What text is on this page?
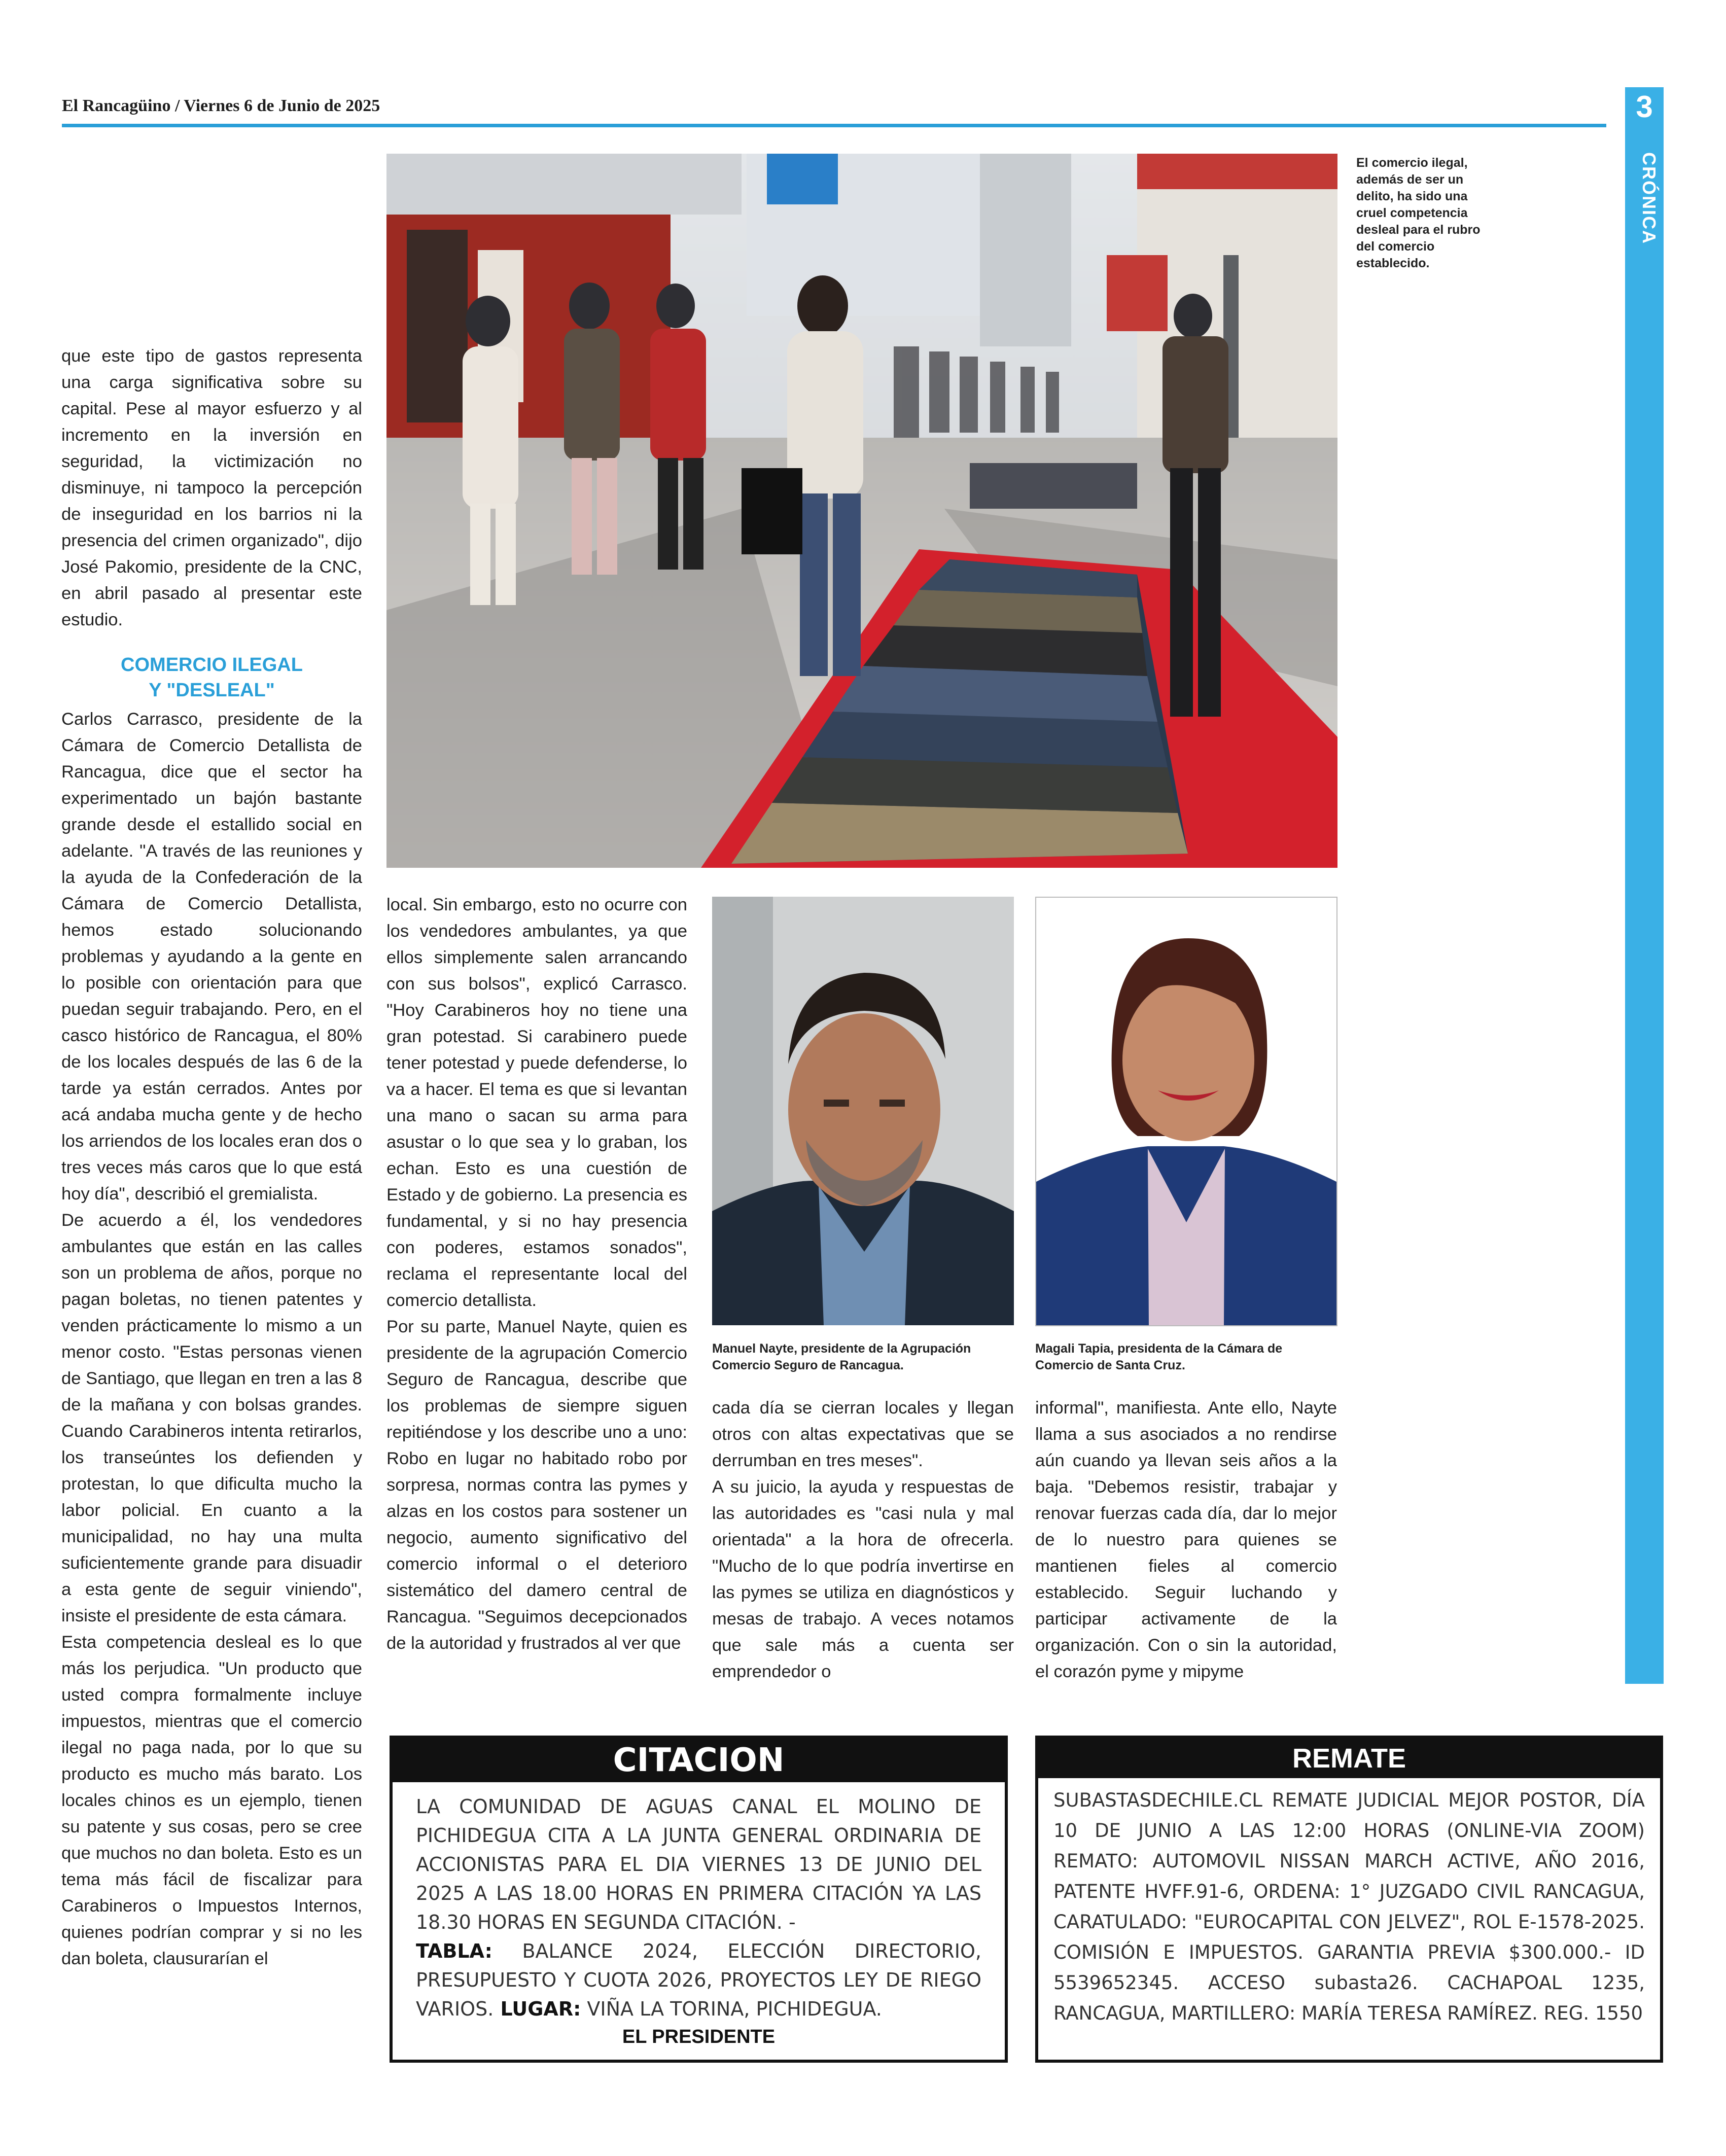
El Rancagüino / Viernes 6 de Junio de 2025	3
CRÓNICA
El comercio ilegal, además de ser un delito, ha sido una cruel competencia desleal para el rubro del comercio establecido.

que este tipo de gastos representa una carga significativa sobre su capital. Pese al mayor esfuerzo y al incremento en la inversión en seguridad, la victimización no disminuye, ni tampoco la percepción de inseguridad en los barrios ni la presencia del crimen organizado", dijo José Pakomio, presidente de la CNC, en abril pasado al presentar este estudio.

COMERCIO ILEGAL
Y "DESLEAL"

Carlos Carrasco, presidente de la Cámara de Comercio Detallista de Rancagua, dice que el sector ha experimentado un bajón bastante grande desde el estallido social en adelante. "A través de las reuniones y la ayuda de la Confederación de la Cámara de Comercio Detallista, hemos estado solucionando problemas y ayudando a la gente en lo posible con orientación para que puedan seguir trabajando. Pero, en el casco histórico de Rancagua, el 80% de los locales después de las 6 de la tarde ya están cerrados. Antes por acá andaba mucha gente y de hecho los arriendos de los locales eran dos o tres veces más caros que lo que está hoy día", describió el gremialista.

De acuerdo a él, los vendedores ambulantes que están en las calles son un problema de años, porque no pagan boletas, no tienen patentes y venden prácticamente lo mismo a un menor costo. "Estas personas vienen de Santiago, que llegan en tren a las 8 de la mañana y con bolsas grandes. Cuando Carabineros intenta retirarlos, los transeúntes los defienden y protestan, lo que dificulta mucho la labor policial. En cuanto a la municipalidad, no hay una multa suficientemente grande para disuadir a esta gente de seguir viniendo", insiste el presidente de esta cámara.

Esta competencia desleal es lo que más los perjudica. "Un producto que usted compra formalmente incluye impuestos, mientras que el comercio ilegal no paga nada, por lo que su producto es mucho más barato. Los locales chinos es un ejemplo, tienen su patente y sus cosas, pero se cree que muchos no dan boleta. Esto es un tema más fácil de fiscalizar para Carabineros o Impuestos Internos, quienes podrían comprar y si no les dan boleta, clausurarían el

local. Sin embargo, esto no ocurre con los vendedores ambulantes, ya que ellos simplemente salen arrancando con sus bolsos", explicó Carrasco. "Hoy Carabineros hoy no tiene una gran potestad. Si carabinero puede tener potestad y puede defenderse, lo va a hacer. El tema es que si levantan una mano o sacan su arma para asustar o lo que sea y lo graban, los echan. Esto es una cuestión de Estado y de gobierno. La presencia es fundamental, y si no hay presencia con poderes, estamos sonados", reclama el representante local del comercio detallista.

Por su parte, Manuel Nayte, quien es presidente de la agrupación Comercio Seguro de Rancagua, describe que los problemas de siempre siguen repitiéndose y los describe uno a uno: Robo en lugar no habitado robo por sorpresa, normas contra las pymes y alzas en los costos para sostener un negocio, aumento significativo del comercio informal o el deterioro sistemático del damero central de Rancagua. "Seguimos decepcionados de la autoridad y frustrados al ver que

Manuel Nayte, presidente de la Agrupación Comercio Seguro de Rancagua.
Magali Tapia, presidenta de la Cámara de Comercio de Santa Cruz.

cada día se cierran locales y llegan otros con altas expectativas que se derrumban en tres meses".

A su juicio, la ayuda y respuestas de las autoridades es "casi nula y mal orientada" a la hora de ofrecerla. "Mucho de lo que podría invertirse en las pymes se utiliza en diagnósticos y mesas de trabajo. A veces notamos que sale más a cuenta ser emprendedor o

informal", manifiesta. Ante ello, Nayte llama a sus asociados a no rendirse aún cuando ya llevan seis años a la baja. "Debemos resistir, trabajar y renovar fuerzas cada día, dar lo mejor de lo nuestro para quienes se mantienen fieles al comercio establecido. Seguir luchando y participar activamente de la organización. Con o sin la autoridad, el corazón pyme y mipyme

CITACION
LA COMUNIDAD DE AGUAS CANAL EL MOLINO DE PICHIDEGUA CITA A LA JUNTA GENERAL ORDINARIA DE ACCIONISTAS PARA EL DIA VIERNES 13 DE JUNIO DEL 2025 A LAS 18.00 HORAS EN PRIMERA CITACIÓN YA LAS 18.30 HORAS EN SEGUNDA CITACIÓN. -
TABLA: BALANCE 2024, ELECCIÓN DIRECTORIO, PRESUPUESTO Y CUOTA 2026, PROYECTOS LEY DE RIEGO VARIOS. LUGAR: VIÑA LA TORINA, PICHIDEGUA.
EL PRESIDENTE
REMATE
SUBASTASDECHILE.CL REMATE JUDICIAL MEJOR POSTOR, DÍA 10 DE JUNIO A LAS 12:00 HORAS (ONLINE-VIA ZOOM) REMATO: AUTOMOVIL NISSAN MARCH ACTIVE, AÑO 2016, PATENTE HVFF.91-6, ORDENA: 1° JUZGADO CIVIL RANCAGUA, CARATULADO: "EUROCAPITAL CON JELVEZ", ROL E-1578-2025. COMISIÓN E IMPUESTOS. GARANTIA PREVIA $300.000.- ID 5539652345. ACCESO subasta26. CACHAPOAL 1235, RANCAGUA, MARTILLERO: MARÍA TERESA RAMÍREZ. REG. 1550
